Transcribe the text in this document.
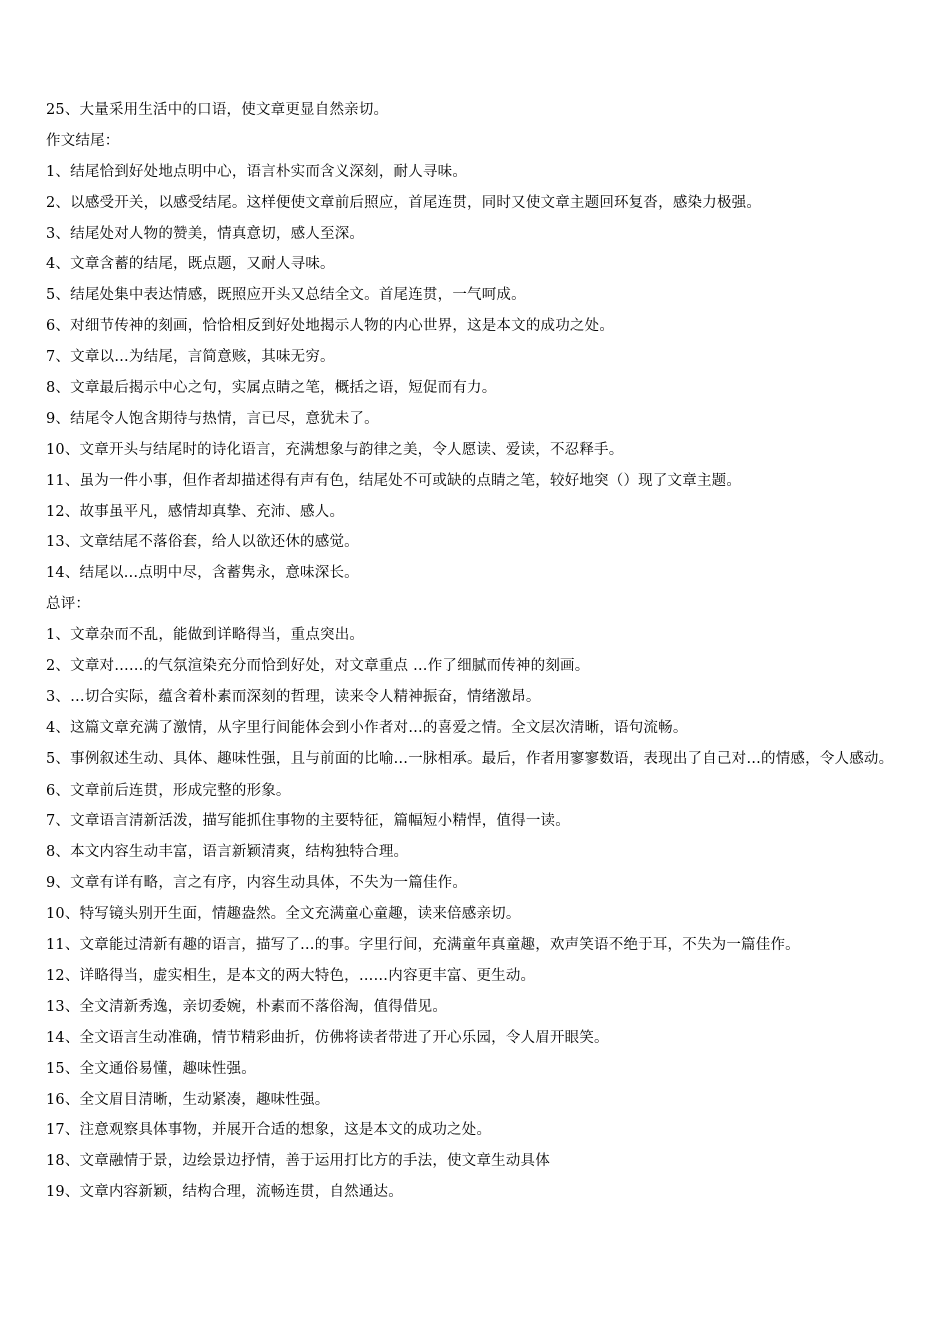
25、大量采用生活中的口语，使文章更显自然亲切。
作文结尾：
1、结尾恰到好处地点明中心，语言朴实而含义深刻，耐人寻味。
2、以感受开关，以感受结尾。这样便使文章前后照应，首尾连贯，同时又使文章主题回环复沓，感染力极强。
3、结尾处对人物的赞美，情真意切，感人至深。
4、文章含蓄的结尾，既点题，又耐人寻味。
5、结尾处集中表达情感，既照应开头又总结全文。首尾连贯，一气呵成。
6、对细节传神的刻画，恰恰相反到好处地揭示人物的内心世界，这是本文的成功之处。
7、文章以…为结尾，言简意赅，其味无穷。
8、文章最后揭示中心之句，实属点睛之笔，概括之语，短促而有力。
9、结尾令人饱含期待与热情，言已尽，意犹未了。
10、文章开头与结尾时的诗化语言，充满想象与韵律之美，令人愿读、爱读，不忍释手。
11、虽为一件小事，但作者却描述得有声有色，结尾处不可或缺的点睛之笔，较好地突（）现了文章主题。
12、故事虽平凡，感情却真挚、充沛、感人。
13、文章结尾不落俗套，给人以欲还休的感觉。
14、结尾以…点明中尽，含蓄隽永，意味深长。
总评：
1、文章杂而不乱，能做到详略得当，重点突出。
2、文章对……的气氛渲染充分而恰到好处，对文章重点 …作了细腻而传神的刻画。
3、…切合实际，蕴含着朴素而深刻的哲理，读来令人精神振奋，情绪激昂。
4、这篇文章充满了激情，从字里行间能体会到小作者对…的喜爱之情。全文层次清晰，语句流畅。
5、事例叙述生动、具体、趣味性强，且与前面的比喻…一脉相承。最后，作者用寥寥数语，表现出了自己对…的情感，令人感动。
6、文章前后连贯，形成完整的形象。
7、文章语言清新活泼，描写能抓住事物的主要特征，篇幅短小精悍，值得一读。
8、本文内容生动丰富，语言新颖清爽，结构独特合理。
9、文章有详有略，言之有序，内容生动具体，不失为一篇佳作。
10、特写镜头别开生面，情趣盎然。全文充满童心童趣，读来倍感亲切。
11、文章能过清新有趣的语言，描写了…的事。字里行间，充满童年真童趣，欢声笑语不绝于耳，不失为一篇佳作。
12、详略得当，虚实相生，是本文的两大特色，……内容更丰富、更生动。
13、全文清新秀逸，亲切委婉，朴素而不落俗淘，值得借见。
14、全文语言生动准确，情节精彩曲折，仿佛将读者带进了开心乐园，令人眉开眼笑。
15、全文通俗易懂，趣味性强。
16、全文眉目清晰，生动紧凑，趣味性强。
17、注意观察具体事物，并展开合适的想象，这是本文的成功之处。
18、文章融情于景，边绘景边抒情，善于运用打比方的手法，使文章生动具体
19、文章内容新颖，结构合理，流畅连贯，自然通达。
